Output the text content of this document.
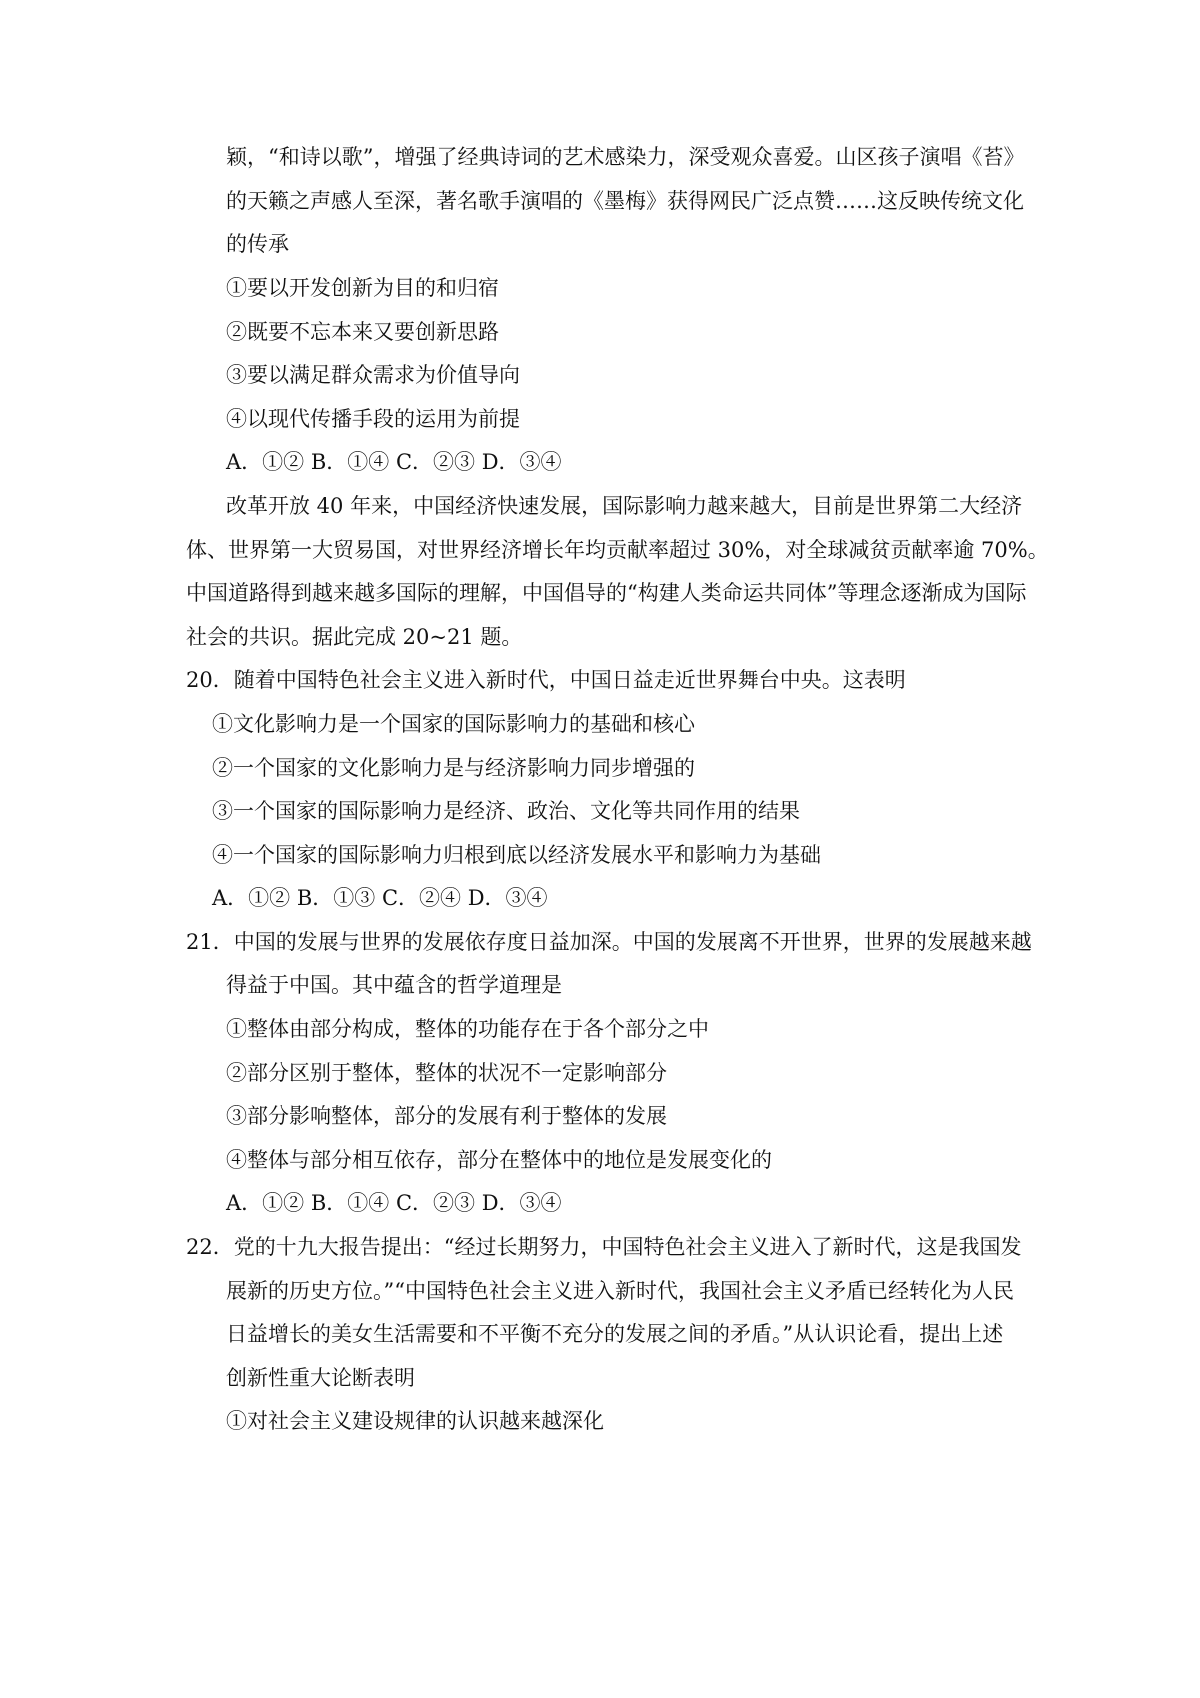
颖，“和诗以歌”，增强了经典诗词的艺术感染力，深受观众喜爱。山区孩子演唱《苔》
的天籁之声感人至深，著名歌手演唱的《墨梅》获得网民广泛点赞……这反映传统文化
的传承
①要以开发创新为目的和归宿
②既要不忘本来又要创新思路
③要以满足群众需求为价值导向
④以现代传播手段的运用为前提
A．①② B．①④ C．②③ D．③④
改革开放 40 年来，中国经济快速发展，国际影响力越来越大，目前是世界第二大经济
体、世界第一大贸易国，对世界经济增长年均贡献率超过 30%，对全球减贫贡献率逾 70%。
中国道路得到越来越多国际的理解，中国倡导的“构建人类命运共同体”等理念逐渐成为国际
社会的共识。据此完成 20~21 题。
20．随着中国特色社会主义进入新时代，中国日益走近世界舞台中央。这表明
①文化影响力是一个国家的国际影响力的基础和核心
②一个国家的文化影响力是与经济影响力同步增强的
③一个国家的国际影响力是经济、政治、文化等共同作用的结果
④一个国家的国际影响力归根到底以经济发展水平和影响力为基础
A．①② B．①③ C．②④ D．③④
21．中国的发展与世界的发展依存度日益加深。中国的发展离不开世界，世界的发展越来越
得益于中国。其中蕴含的哲学道理是
①整体由部分构成，整体的功能存在于各个部分之中
②部分区别于整体，整体的状况不一定影响部分
③部分影响整体，部分的发展有利于整体的发展
④整体与部分相互依存，部分在整体中的地位是发展变化的
A．①② B．①④ C．②③ D．③④
22．党的十九大报告提出：“经过长期努力，中国特色社会主义进入了新时代，这是我国发
展新的历史方位。”“中国特色社会主义进入新时代，我国社会主义矛盾已经转化为人民
日益增长的美女生活需要和不平衡不充分的发展之间的矛盾。”从认识论看，提出上述
创新性重大论断表明
①对社会主义建设规律的认识越来越深化
